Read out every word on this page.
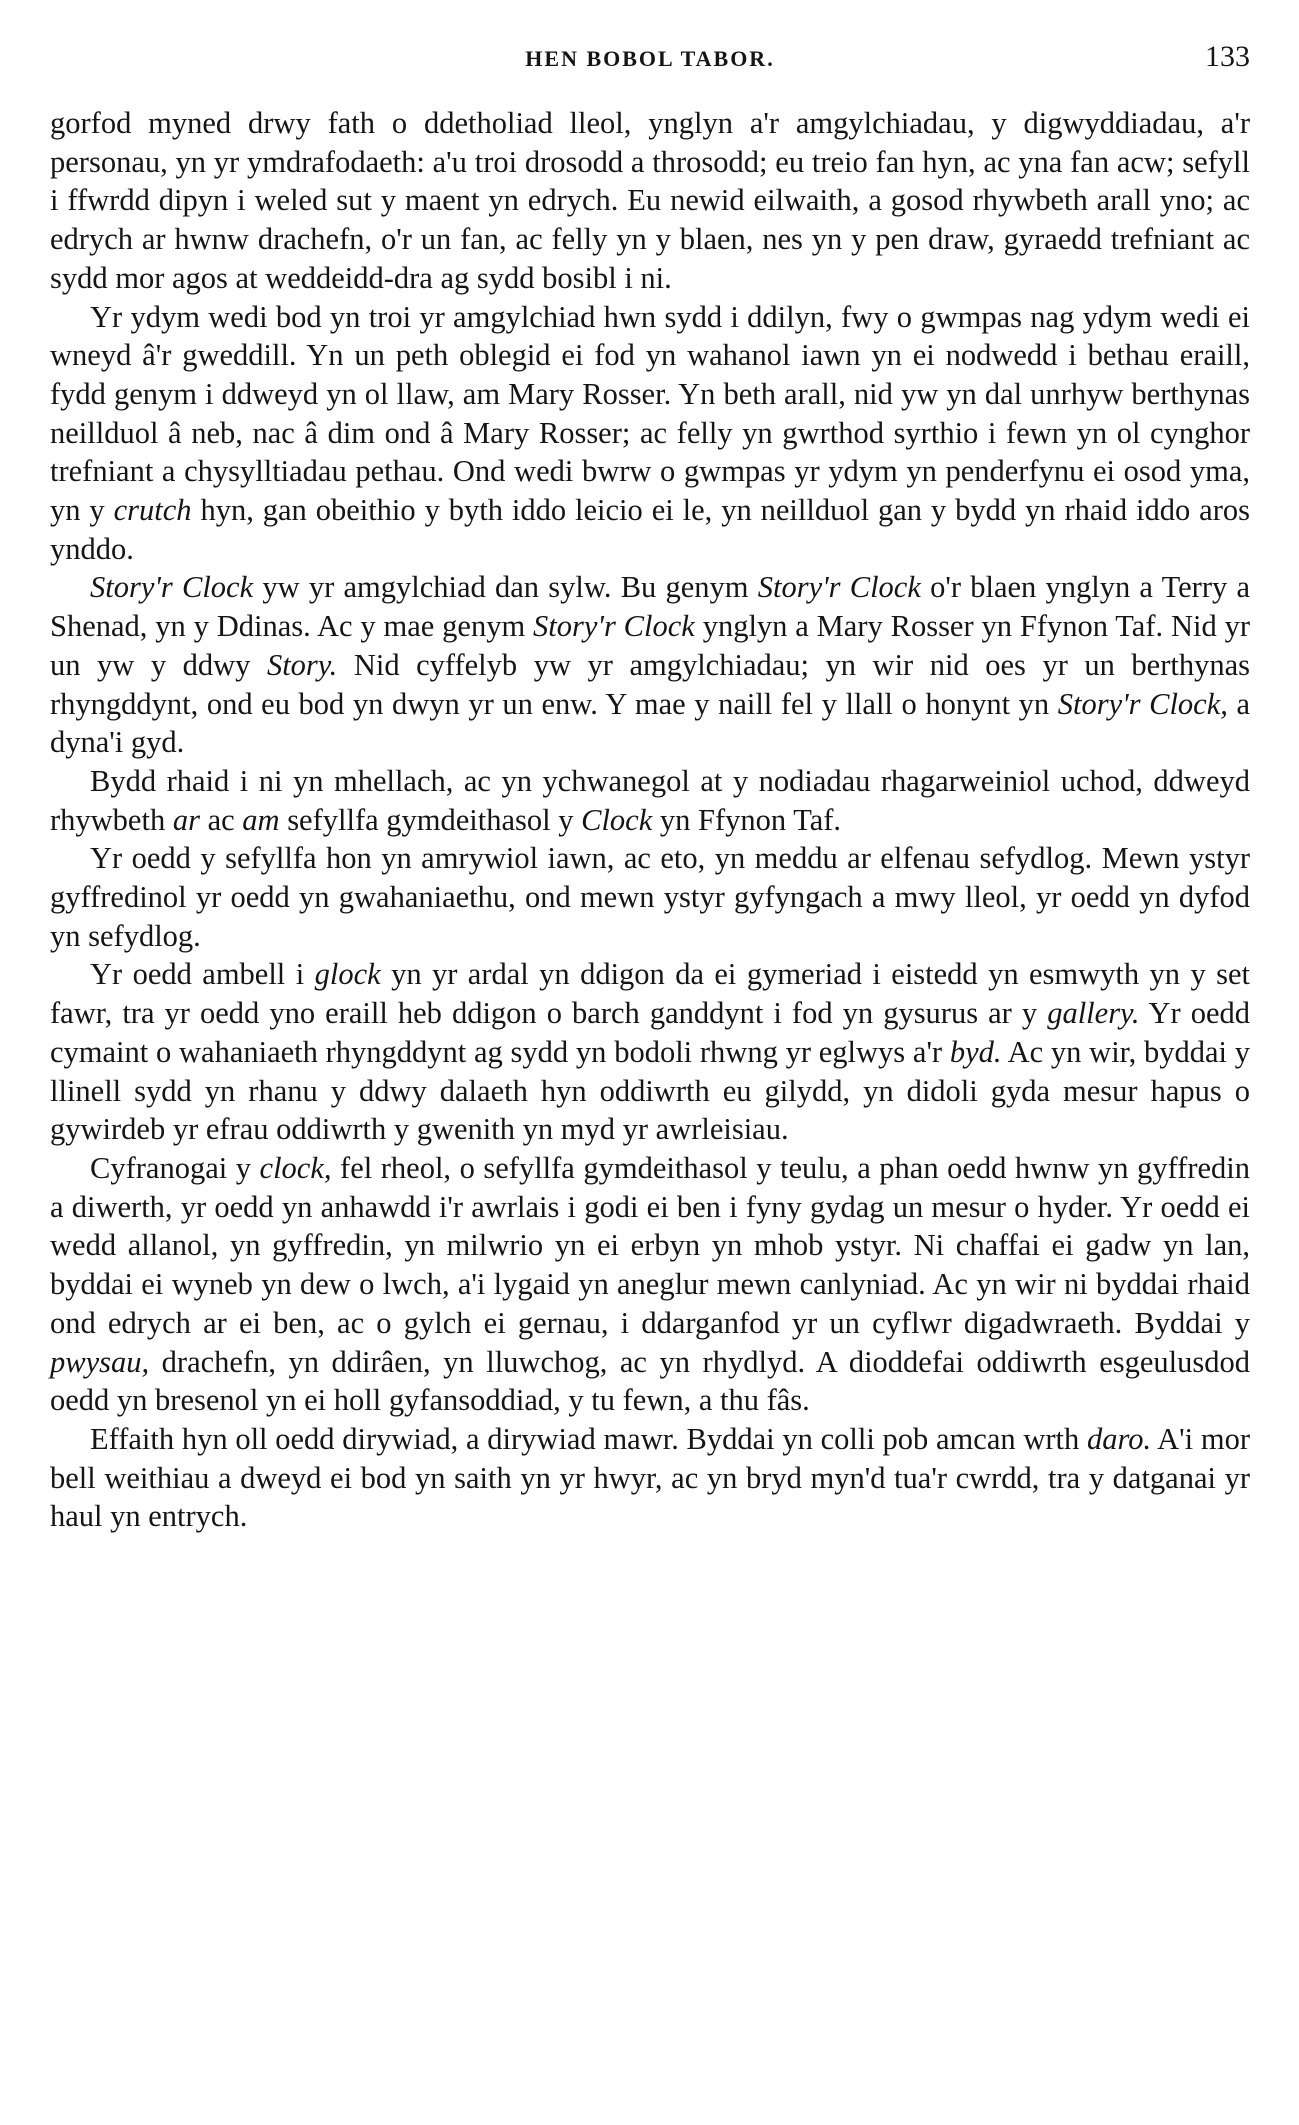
HEN BOBOL TABOR.	133

gorfod myned drwy fath o ddetholiad lleol, ynglyn a'r amgylchiadau, y digwyddiadau, a'r personau, yn yr ymdrafodaeth: a'u troi drosodd a throsodd; eu treio fan hyn, ac yna fan acw; sefyll i ffwrdd dipyn i weled sut y maent yn edrych. Eu newid eilwaith, a gosod rhywbeth arall yno; ac edrych ar hwnw drachefn, o'r un fan, ac felly yn y blaen, nes yn y pen draw, gyraedd trefniant ac sydd mor agos at weddeidd-dra ag sydd bosibl i ni.

Yr ydym wedi bod yn troi yr amgylchiad hwn sydd i ddilyn, fwy o gwmpas nag ydym wedi ei wneyd â'r gweddill. Yn un peth oblegid ei fod yn wahanol iawn yn ei nodwedd i bethau eraill, fydd genym i ddweyd yn ol llaw, am Mary Rosser. Yn beth arall, nid yw yn dal unrhyw berthynas neillduol â neb, nac â dim ond â Mary Rosser; ac felly yn gwrthod syrthio i fewn yn ol cynghor trefniant a chysylltiadau pethau. Ond wedi bwrw o gwmpas yr ydym yn penderfynu ei osod yma, yn y crutch hyn, gan obeithio y byth iddo leicio ei le, yn neillduol gan y bydd yn rhaid iddo aros ynddo.

Story'r Clock yw yr amgylchiad dan sylw. Bu genym Story'r Clock o'r blaen ynglyn a Terry a Shenad, yn y Ddinas. Ac y mae genym Story'r Clock ynglyn a Mary Rosser yn Ffynon Taf. Nid yr un yw y ddwy Story. Nid cyffelyb yw yr amgylchiadau; yn wir nid oes yr un berthynas rhyngddynt, ond eu bod yn dwyn yr un enw. Y mae y naill fel y llall o honynt yn Story'r Clock, a dyna'i gyd.

Bydd rhaid i ni yn mhellach, ac yn ychwanegol at y nodiadau rhagarweiniol uchod, ddweyd rhywbeth ar ac am sefyllfa gymdeithasol y Clock yn Ffynon Taf.

Yr oedd y sefyllfa hon yn amrywiol iawn, ac eto, yn meddu ar elfenau sefydlog. Mewn ystyr gyffredinol yr oedd yn gwahaniaethu, ond mewn ystyr gyfyngach a mwy lleol, yr oedd yn dyfod yn sefydlog.

Yr oedd ambell i glock yn yr ardal yn ddigon da ei gymeriad i eistedd yn esmwyth yn y set fawr, tra yr oedd yno eraill heb ddigon o barch ganddynt i fod yn gysurus ar y gallery. Yr oedd cymaint o wahaniaeth rhyngddynt ag sydd yn bodoli rhwng yr eglwys a'r byd. Ac yn wir, byddai y llinell sydd yn rhanu y ddwy dalaeth hyn oddiwrth eu gilydd, yn didoli gyda mesur hapus o gywirdeb yr efrau oddiwrth y gwenith yn myd yr awrleisiau.

Cyfranogai y clock, fel rheol, o sefyllfa gymdeithasol y teulu, a phan oedd hwnw yn gyffredin a diwerth, yr oedd yn anhawdd i'r awrlais i godi ei ben i fyny gydag un mesur o hyder. Yr oedd ei wedd allanol, yn gyffredin, yn milwrio yn ei erbyn yn mhob ystyr. Ni chaffai ei gadw yn lan, byddai ei wyneb yn dew o lwch, a'i lygaid yn aneglur mewn canlyniad. Ac yn wir ni byddai rhaid ond edrych ar ei ben, ac o gylch ei gernau, i ddarganfod yr un cyflwr digadwraeth. Byddai y pwysau, drachefn, yn ddirâen, yn lluwchog, ac yn rhydlyd. A dioddefai oddiwrth esgeulusdod oedd yn bresenol yn ei holl gyfansoddiad, y tu fewn, a thu fâs.

Effaith hyn oll oedd dirywiad, a dirywiad mawr. Byddai yn colli pob amcan wrth daro. A'i mor bell weithiau a dweyd ei bod yn saith yn yr hwyr, ac yn bryd myn'd tua'r cwrdd, tra y datganai yr haul yn entrych.
